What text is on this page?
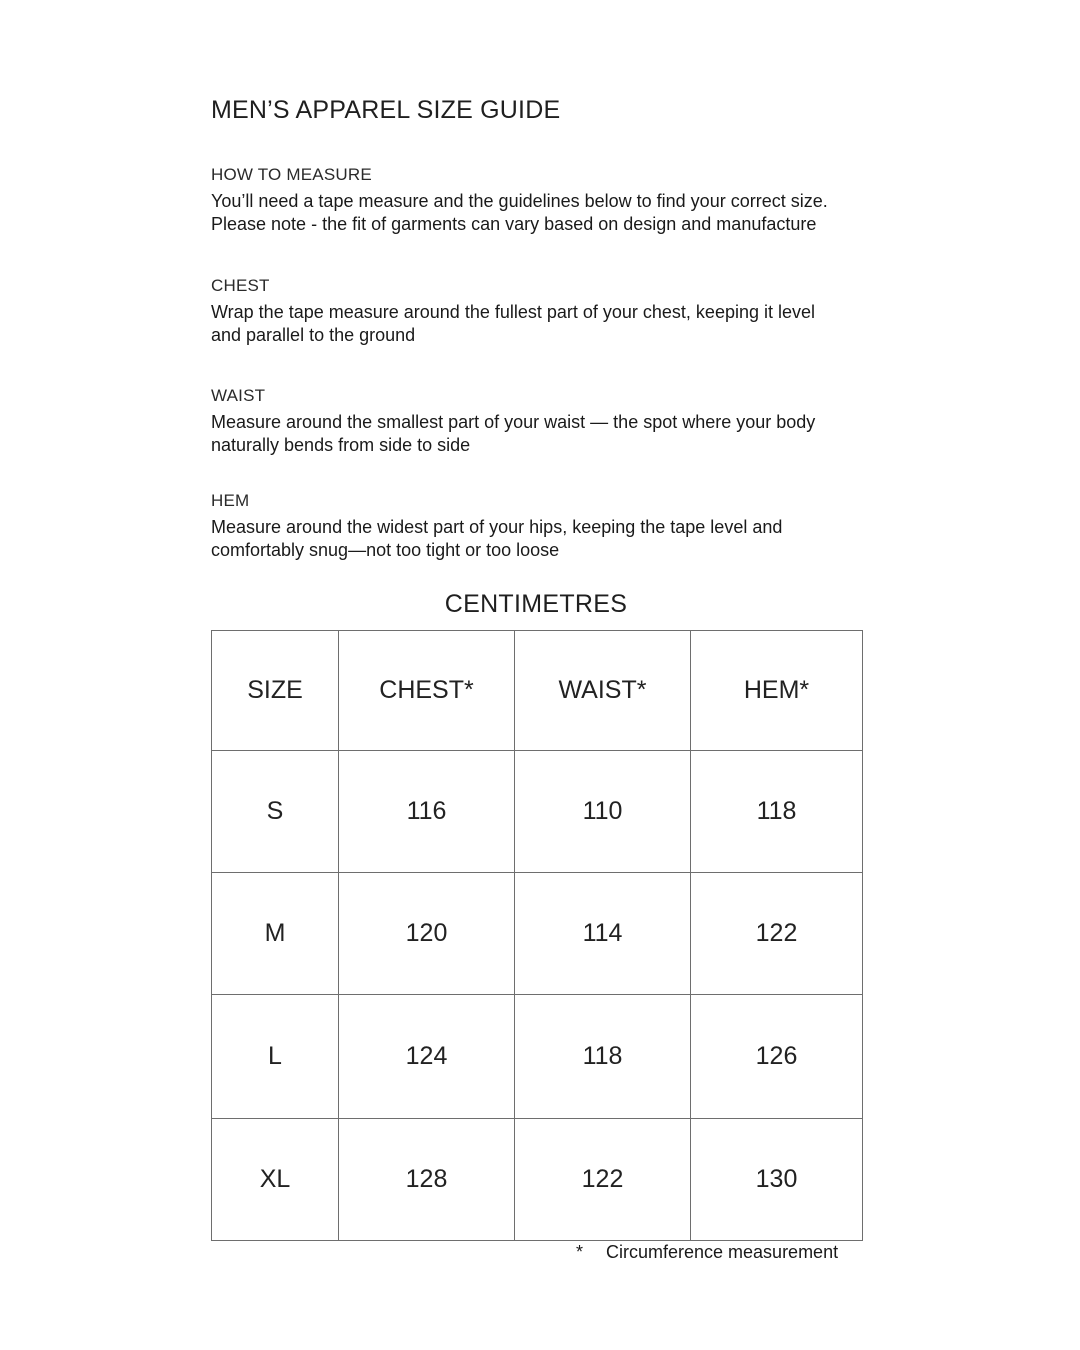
MEN’S APPAREL SIZE GUIDE
HOW TO MEASURE
You’ll need a tape measure and the guidelines below to find your correct size.
Please note - the fit of garments can vary based on design and manufacture
CHEST
Wrap the tape measure around the fullest part of your chest, keeping it level
and parallel to the ground
WAIST
Measure around the smallest part of your waist — the spot where your body
naturally bends from side to side
HEM
Measure around the widest part of your hips, keeping the tape level and
comfortably snug—not too tight or too loose
CENTIMETRES
SIZE	CHEST*	WAIST*	HEM*
S	116	110	118
M	120	114	122
L	124	118	126
XL	128	122	130
* Circumference measurement
